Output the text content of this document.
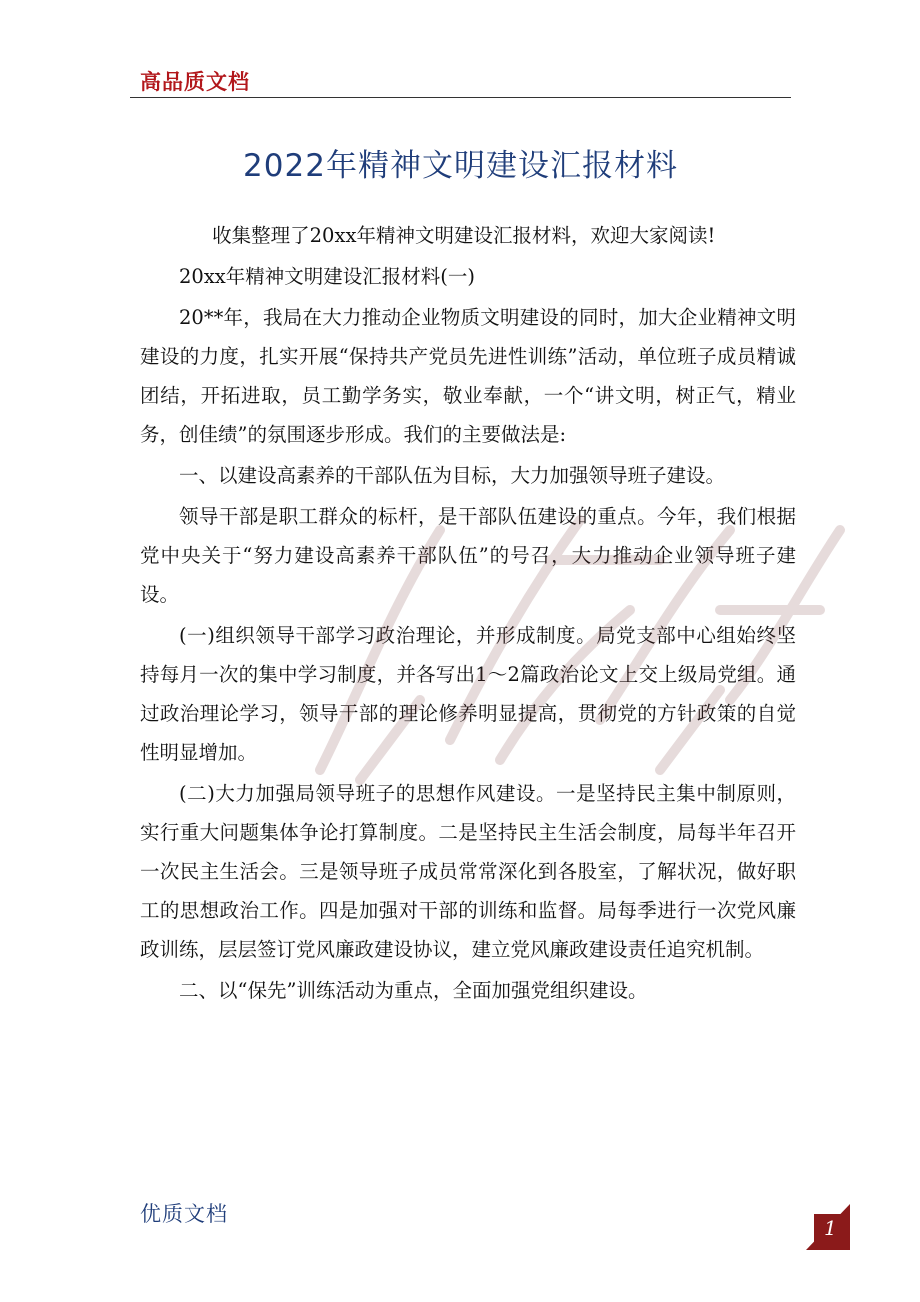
高品质文档
2022年精神文明建设汇报材料

收集整理了20xx年精神文明建设汇报材料，欢迎大家阅读!

20xx年精神文明建设汇报材料(一)

20**年，我局在大力推动企业物质文明建设的同时，加大企业精神文明建设的力度，扎实开展“保持共产党员先进性训练”活动，单位班子成员精诚团结，开拓进取，员工勤学务实，敬业奉献，一个“讲文明，树正气，精业务，创佳绩”的氛围逐步形成。我们的主要做法是:

一、以建设高素养的干部队伍为目标，大力加强领导班子建设。

领导干部是职工群众的标杆，是干部队伍建设的重点。今年，我们根据党中央关于“努力建设高素养干部队伍”的号召，大力推动企业领导班子建设。

(一)组织领导干部学习政治理论，并形成制度。局党支部中心组始终坚持每月一次的集中学习制度，并各写出1～2篇政治论文上交上级局党组。通过政治理论学习，领导干部的理论修养明显提高，贯彻党的方针政策的自觉性明显增加。

(二)大力加强局领导班子的思想作风建设。一是坚持民主集中制原则，实行重大问题集体争论打算制度。二是坚持民主生活会制度，局每半年召开一次民主生活会。三是领导班子成员常常深化到各股室，了解状况，做好职工的思想政治工作。四是加强对干部的训练和监督。局每季进行一次党风廉政训练，层层签订党风廉政建设协议，建立党风廉政建设责任追究机制。

二、以“保先”训练活动为重点，全面加强党组织建设。

优质文档
1
